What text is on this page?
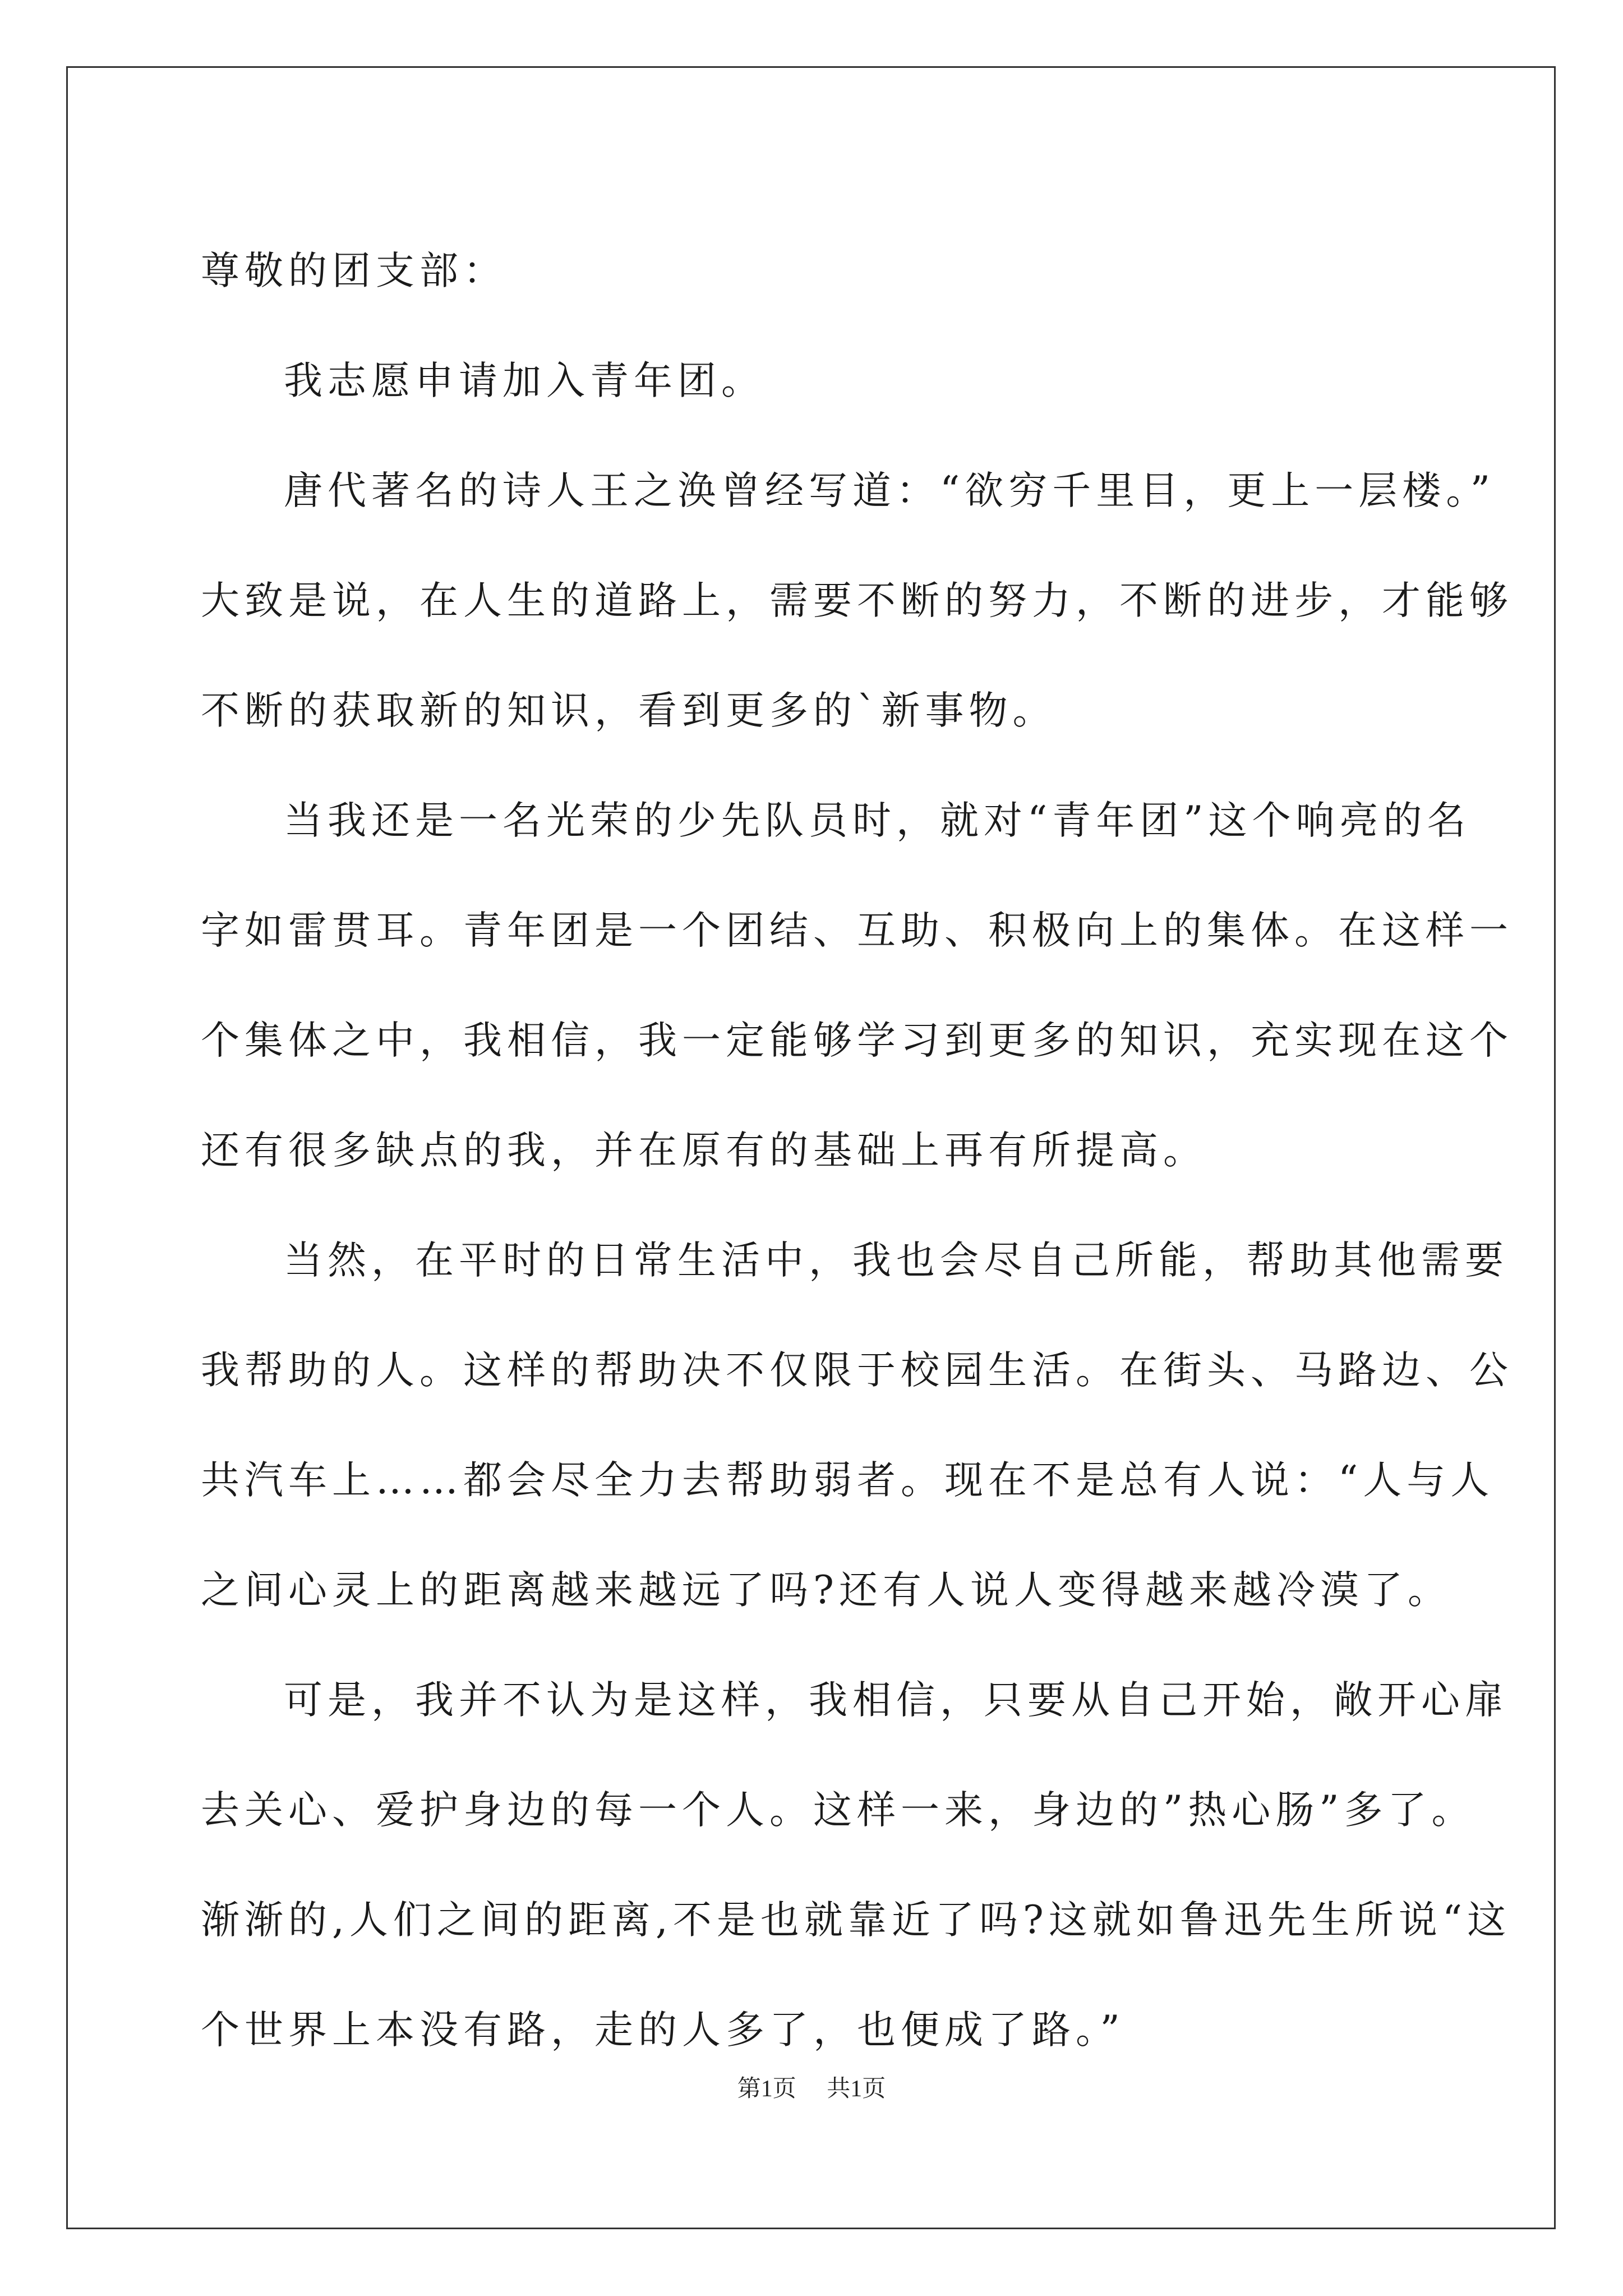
尊敬的团支部：
我志愿申请加入青年团。
唐代著名的诗人王之涣曾经写道：“欲穷千里目，更上一层楼。”
大致是说，在人生的道路上，需要不断的努力，不断的进步，才能够
不断的获取新的知识，看到更多的`新事物。
当我还是一名光荣的少先队员时，就对“青年团”这个响亮的名
字如雷贯耳。青年团是一个团结、互助、积极向上的集体。在这样一
个集体之中，我相信，我一定能够学习到更多的知识，充实现在这个
还有很多缺点的我，并在原有的基础上再有所提高。
当然，在平时的日常生活中，我也会尽自己所能，帮助其他需要
我帮助的人。这样的帮助决不仅限于校园生活。在街头、马路边、公
共汽车上……都会尽全力去帮助弱者。现在不是总有人说：“人与人
之间心灵上的距离越来越远了吗?还有人说人变得越来越冷漠了。
可是，我并不认为是这样，我相信，只要从自己开始，敞开心扉
去关心、爱护身边的每一个人。这样一来，身边的”热心肠”多了。
渐渐的,人们之间的距离,不是也就靠近了吗?这就如鲁迅先生所说“这
个世界上本没有路，走的人多了，也便成了路。”
第1页 共1页
